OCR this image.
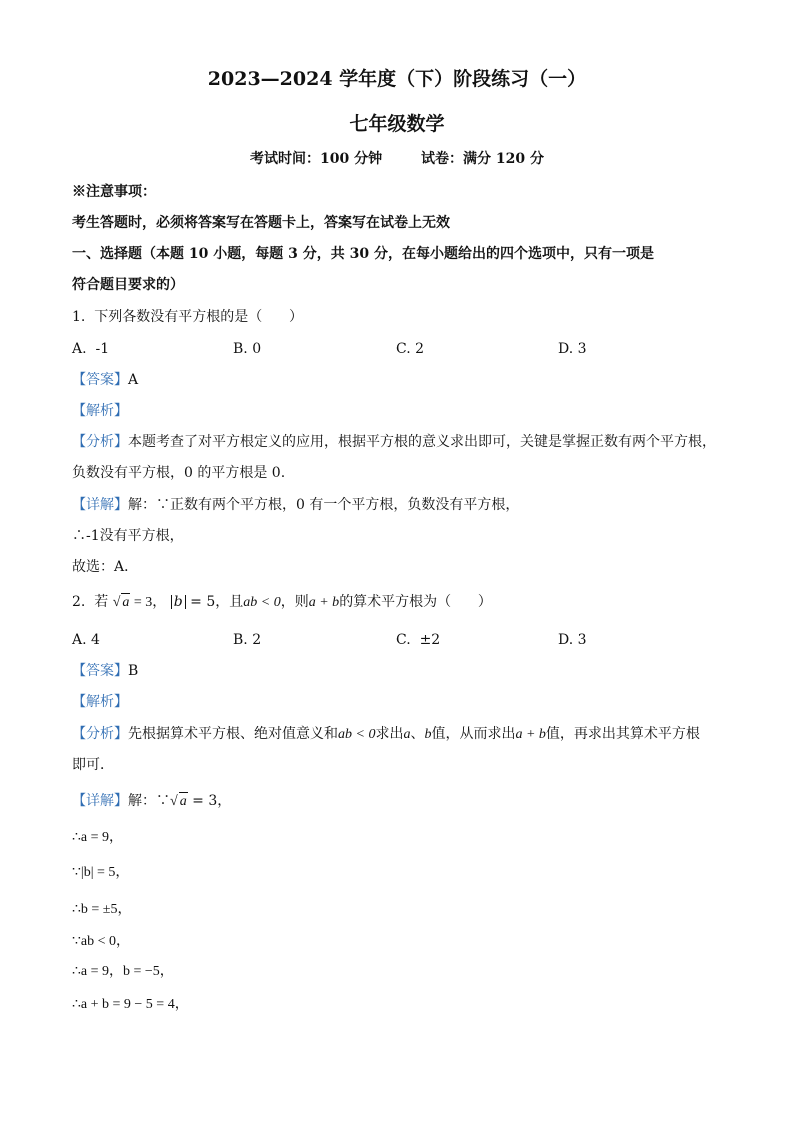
2023—2024 学年度（下）阶段练习（一）
七年级数学
考试时间：100 分钟        试卷：满分 120 分
※注意事项：
考生答题时，必须将答案写在答题卡上，答案写在试卷上无效
一、选择题（本题 10 小题，每题 3 分，共 30 分，在每小题给出的四个选项中，只有一项是
符合题目要求的）
1.  下列各数没有平方根的是（      ）
A.  -1	B. 0	C. 2	D. 3
【答案】A
【解析】
【分析】本题考查了对平方根定义的应用，根据平方根的意义求出即可，关键是掌握正数有两个平方根，
负数没有平方根，0 的平方根是 0.
【详解】解：∵正数有两个平方根，0 有一个平方根，负数没有平方根，
∴-1没有平方根，
故选：A．
2.  若 √ a = 3， b = 5，且ab < 0，则a + b的算术平方根为（      ）
A. 4	B. 2	C.  ±2	D. 3
【答案】B
【解析】
【分析】先根据算术平方根、绝对值意义和ab < 0求出a、b值，从而求出a + b值，再求出其算术平方根
即可．
【详解】解：∵√ a = 3，
∴a = 9，
∵|b| = 5，
∴b = ±5，
∵ab < 0，
∴a = 9，b = −5，
∴a + b = 9 − 5 = 4，
